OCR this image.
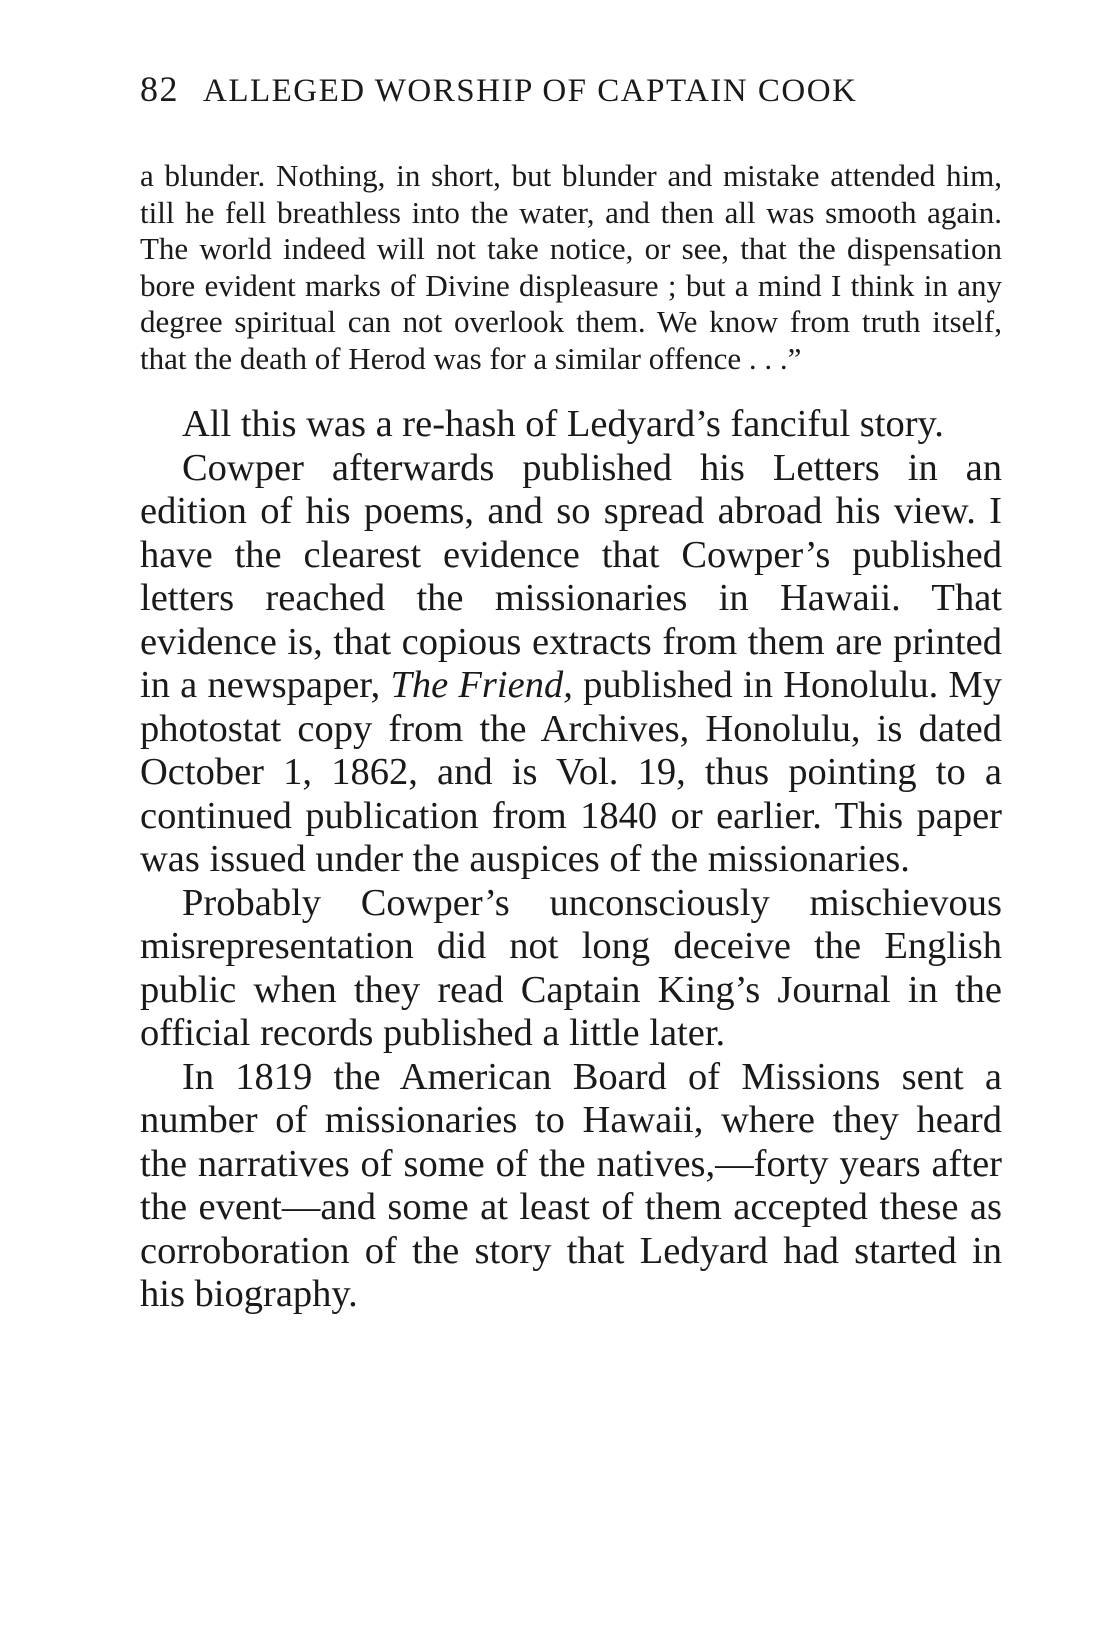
82 ALLEGED WORSHIP OF CAPTAIN COOK

a blunder. Nothing, in short, but blunder and mistake attended him, till he fell breathless into the water, and then all was smooth again. The world indeed will not take notice, or see, that the dispensation bore evident marks of Divine displeasure ; but a mind I think in any degree spiritual can not overlook them. We know from truth itself, that the death of Herod was for a similar offence . . .”

All this was a re-hash of Ledyard’s fanciful story.

Cowper afterwards published his Letters in an edition of his poems, and so spread abroad his view. I have the clearest evidence that Cowper’s published letters reached the missionaries in Hawaii. That evidence is, that copious extracts from them are printed in a newspaper, The Friend, published in Honolulu. My photostat copy from the Archives, Honolulu, is dated October 1, 1862, and is Vol. 19, thus pointing to a continued publication from 1840 or earlier. This paper was issued under the auspices of the missionaries.

Probably Cowper’s unconsciously mischievous misrepresentation did not long deceive the English public when they read Captain King’s Journal in the official records published a little later.

In 1819 the American Board of Missions sent a number of missionaries to Hawaii, where they heard the narratives of some of the natives,—forty years after the event—and some at least of them accepted these as corroboration of the story that Ledyard had started in his biography.
